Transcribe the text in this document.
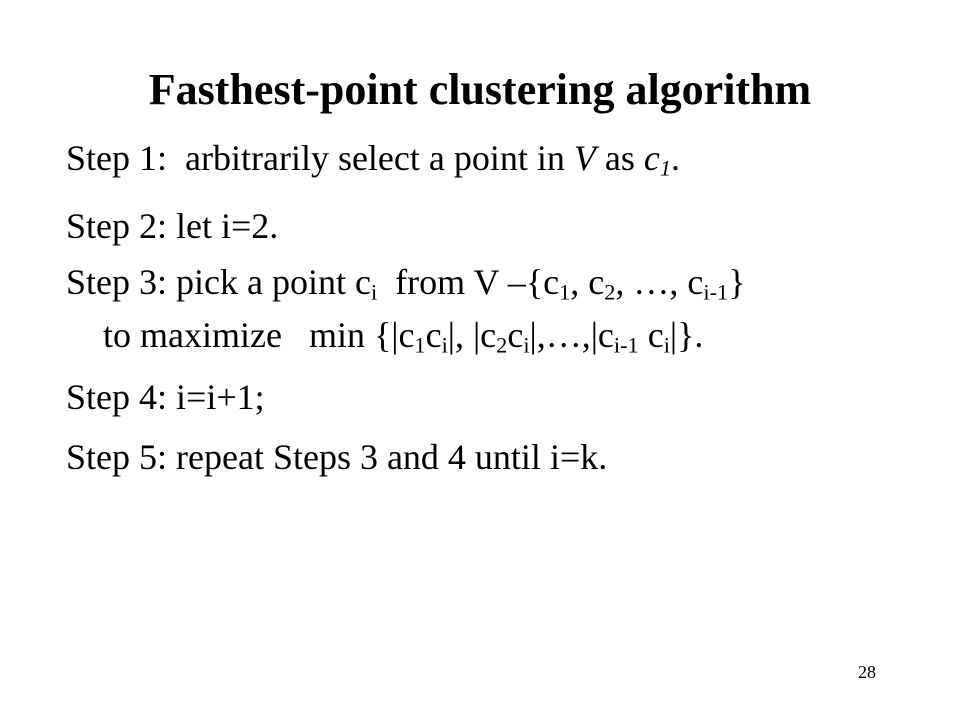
Fasthest-point clustering algorithm
Step 1: arbitrarily select a point in V as $c_1$.
Step 2: let i=2.
Step 3: pick a point $c_i$ from V $-\{c_1$, $c_2$, …, $c_{i-1}$}
to maximize $\min \{|c_1c_i|$, $|c_2c_i|,\dots,|c_{i-1}$ $c_i|$}.
Step 4: i=i+1;
Step 5: repeat Steps 3 and 4 until i=k.
28
